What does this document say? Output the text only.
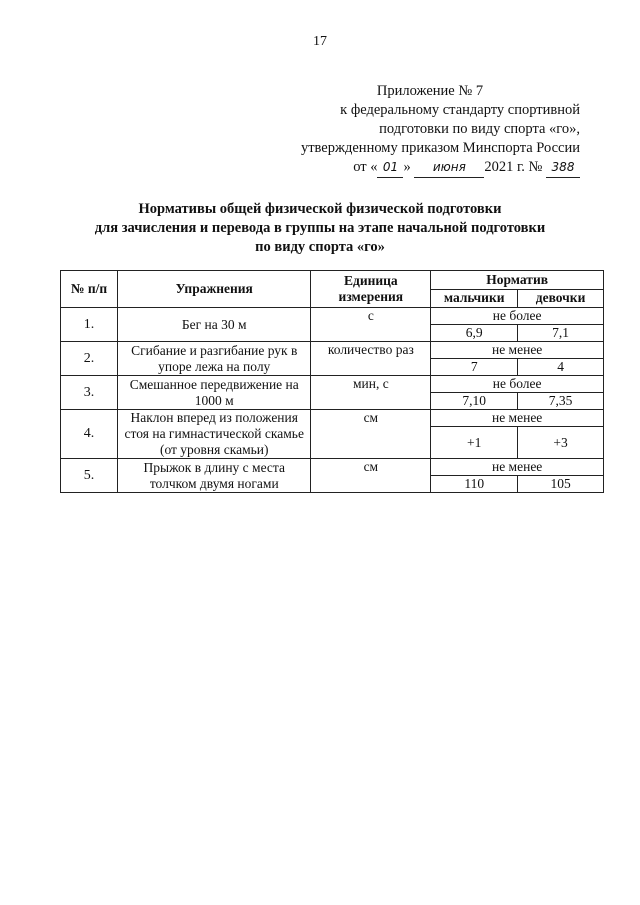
17
Приложение № 7
к федеральному стандарту спортивной
подготовки по виду спорта «го»,
утвержденному приказом Минспорта России
от « 01 » июня 2021 г. № 388
Нормативы общей физической физической подготовки
для зачисления и перевода в группы на этапе начальной подготовки
по виду спорта «го»
№ п/п	Упражнения	Единица измерения	Норматив	
			мальчики	девочки
1.	Бег на 30 м	с	не более	
			6,9	7,1
2.	Сгибание и разгибание рук в упоре лежа на полу	количество раз	не менее	
			7	4
3.	Смешанное передвижение на 1000 м	мин, с	не более	
			7,10	7,35
4.	Наклон вперед из положения стоя на гимнастической скамье (от уровня скамьи)	см	не менее	
			+1	+3
5.	Прыжок в длину с места толчком двумя ногами	см	не менее	
			110	105
